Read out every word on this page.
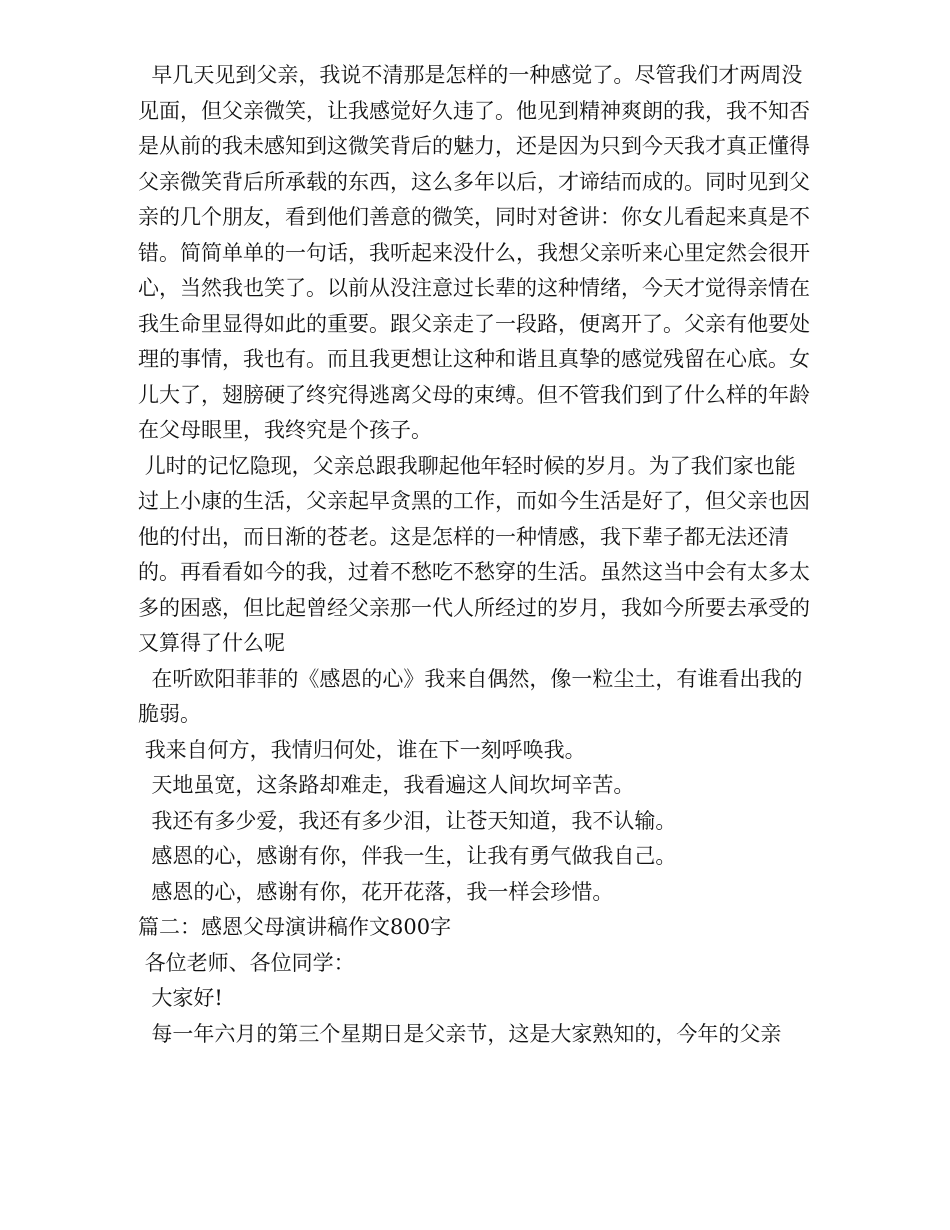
早几天见到父亲，我说不清那是怎样的一种感觉了。尽管我们才两周没见面，但父亲微笑，让我感觉好久违了。他见到精神爽朗的我，我不知否是从前的我未感知到这微笑背后的魅力，还是因为只到今天我才真正懂得父亲微笑背后所承载的东西，这么多年以后，才谛结而成的。同时见到父亲的几个朋友，看到他们善意的微笑，同时对爸讲：你女儿看起来真是不错。简简单单的一句话，我听起来没什么，我想父亲听来心里定然会很开心，当然我也笑了。以前从没注意过长辈的这种情绪，今天才觉得亲情在我生命里显得如此的重要。跟父亲走了一段路，便离开了。父亲有他要处理的事情，我也有。而且我更想让这种和谐且真挚的感觉残留在心底。女儿大了，翅膀硬了终究得逃离父母的束缚。但不管我们到了什么样的年龄在父母眼里，我终究是个孩子。

儿时的记忆隐现，父亲总跟我聊起他年轻时候的岁月。为了我们家也能过上小康的生活，父亲起早贪黑的工作，而如今生活是好了，但父亲也因他的付出，而日渐的苍老。这是怎样的一种情感，我下辈子都无法还清的。再看看如今的我，过着不愁吃不愁穿的生活。虽然这当中会有太多太多的困惑，但比起曾经父亲那一代人所经过的岁月，我如今所要去承受的又算得了什么呢

在听欧阳菲菲的《感恩的心》我来自偶然，像一粒尘土，有谁看出我的脆弱。

我来自何方，我情归何处，谁在下一刻呼唤我。

天地虽宽，这条路却难走，我看遍这人间坎坷辛苦。

我还有多少爱，我还有多少泪，让苍天知道，我不认输。

感恩的心，感谢有你，伴我一生，让我有勇气做我自己。

感恩的心，感谢有你，花开花落，我一样会珍惜。

篇二：感恩父母演讲稿作文800字

各位老师、各位同学：

大家好!

每一年六月的第三个星期日是父亲节，这是大家熟知的，今年的父亲
